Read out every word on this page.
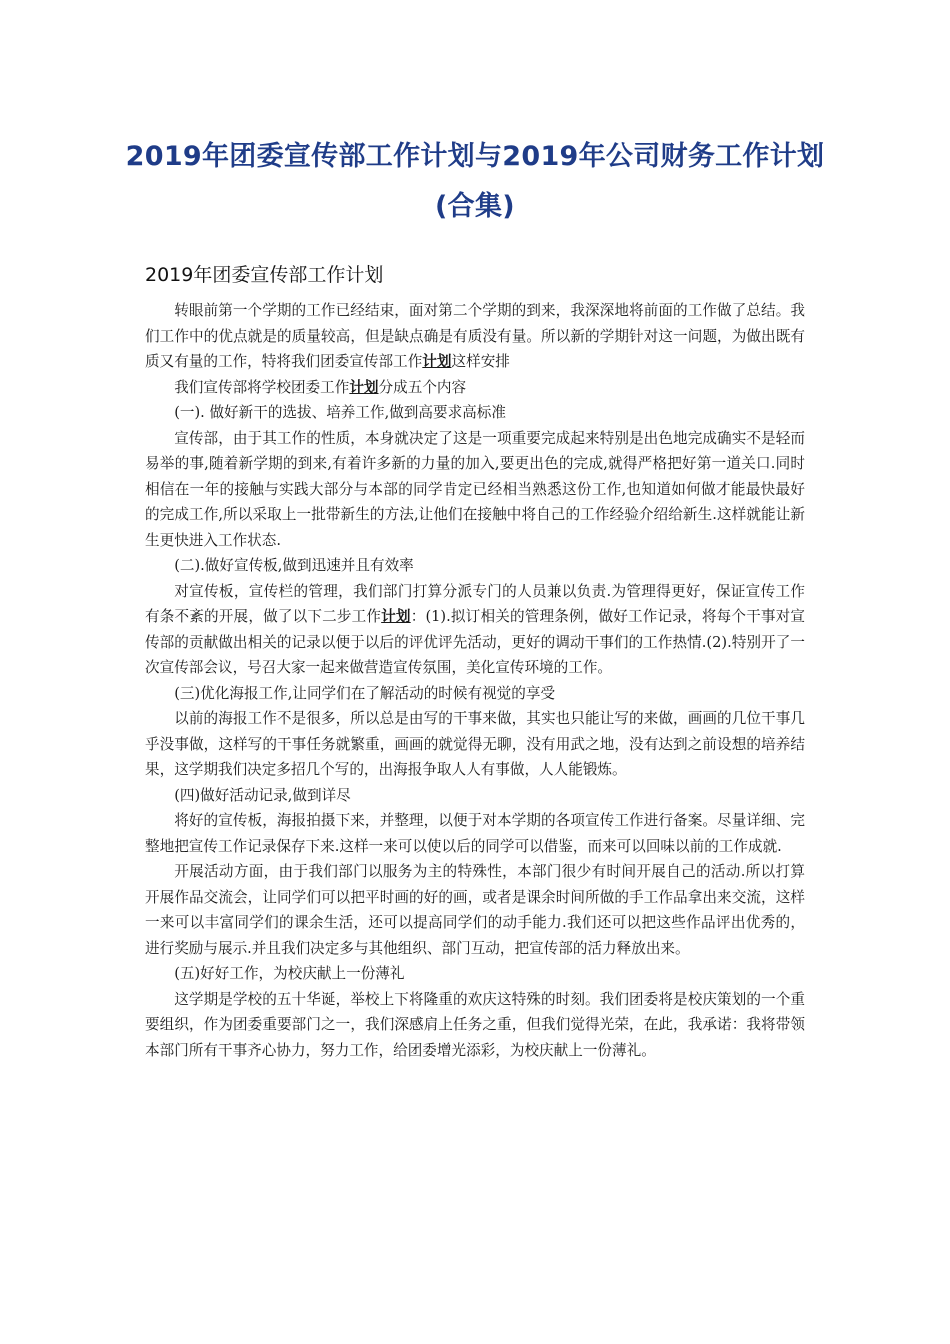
2019年团委宣传部工作计划与2019年公司财务工作计划(合集)
2019年团委宣传部工作计划

转眼前第一个学期的工作已经结束，面对第二个学期的到来，我深深地将前面的工作做了总结。我们工作中的优点就是的质量较高，但是缺点确是有质没有量。所以新的学期针对这一问题，为做出既有质又有量的工作，特将我们团委宣传部工作计划这样安排

我们宣传部将学校团委工作计划分成五个内容

(一). 做好新干的选拔、培养工作,做到高要求高标准

宣传部，由于其工作的性质，本身就决定了这是一项重要完成起来特别是出色地完成确实不是轻而易举的事,随着新学期的到来,有着许多新的力量的加入,要更出色的完成,就得严格把好第一道关口.同时相信在一年的接触与实践大部分与本部的同学肯定已经相当熟悉这份工作,也知道如何做才能最快最好的完成工作,所以采取上一批带新生的方法,让他们在接触中将自己的工作经验介绍给新生.这样就能让新生更快进入工作状态.

(二).做好宣传板,做到迅速并且有效率

对宣传板，宣传栏的管理，我们部门打算分派专门的人员兼以负责.为管理得更好，保证宣传工作有条不紊的开展，做了以下二步工作计划：(1).拟订相关的管理条例，做好工作记录，将每个干事对宣传部的贡献做出相关的记录以便于以后的评优评先活动，更好的调动干事们的工作热情.(2).特别开了一次宣传部会议，号召大家一起来做营造宣传氛围，美化宣传环境的工作。

(三)优化海报工作,让同学们在了解活动的时候有视觉的享受

以前的海报工作不是很多，所以总是由写的干事来做，其实也只能让写的来做，画画的几位干事几乎没事做，这样写的干事任务就繁重，画画的就觉得无聊，没有用武之地，没有达到之前设想的培养结果，这学期我们决定多招几个写的，出海报争取人人有事做，人人能锻炼。

(四)做好活动记录,做到详尽

将好的宣传板，海报拍摄下来，并整理，以便于对本学期的各项宣传工作进行备案。尽量详细、完整地把宣传工作记录保存下来.这样一来可以使以后的同学可以借鉴，而来可以回味以前的工作成就.

开展活动方面，由于我们部门以服务为主的特殊性，本部门很少有时间开展自己的活动.所以打算开展作品交流会，让同学们可以把平时画的好的画，或者是课余时间所做的手工作品拿出来交流，这样一来可以丰富同学们的课余生活，还可以提高同学们的动手能力.我们还可以把这些作品评出优秀的，进行奖励与展示.并且我们决定多与其他组织、部门互动，把宣传部的活力释放出来。

(五)好好工作，为校庆献上一份薄礼

这学期是学校的五十华诞，举校上下将隆重的欢庆这特殊的时刻。我们团委将是校庆策划的一个重要组织，作为团委重要部门之一，我们深感肩上任务之重，但我们觉得光荣，在此，我承诺：我将带领本部门所有干事齐心协力，努力工作，给团委增光添彩，为校庆献上一份薄礼。
